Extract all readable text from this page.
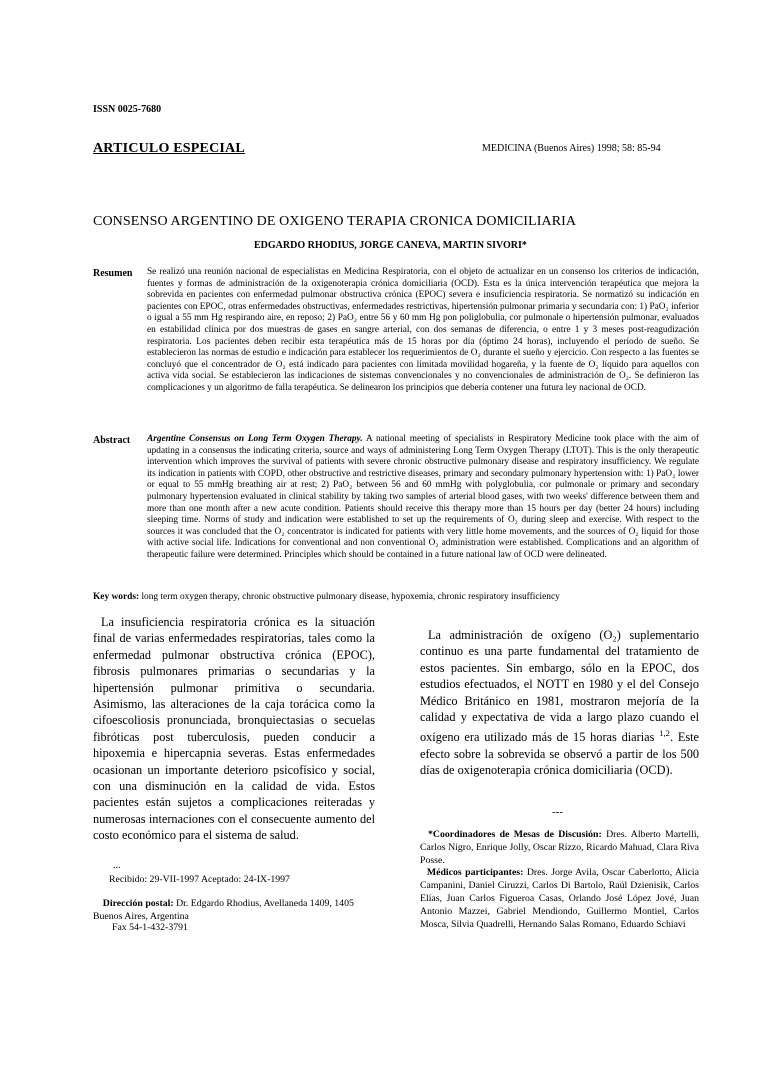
ISSN 0025-7680
ARTICULO ESPECIAL	MEDICINA (Buenos Aires) 1998; 58: 85-94
CONSENSO ARGENTINO DE OXIGENO TERAPIA CRONICA DOMICILIARIA
EDGARDO RHODIUS, JORGE CANEVA, MARTIN SIVORI*
Resumen Se realizó una reunión nacional de especialistas en Medicina Respiratoria, con el objeto de actualizar en un consenso los criterios de indicación, fuentes y formas de administración de la oxigenoterapia crónica domiciliaria (OCD). Esta es la única intervención terapéutica que mejora la sobrevida en pacientes con enfermedad pulmonar obstructiva crónica (EPOC) severa e insuficiencia respiratoria. Se normatizó su indicación en pacientes con EPOC, otras enfermedades obstructivas, enfermedades restrictivas, hipertensión pulmonar primaria y secundaria con: 1) PaO₂ inferior o igual a 55 mm Hg respirando aire, en reposo; 2) PaO₂ entre 56 y 60 mm Hg pon poliglobulia, cor pulmonale o hipertensión pulmonar, evaluados en estabilidad clínica por dos muestras de gases en sangre arterial, con dos semanas de diferencia, o entre 1 y 3 meses post-reagudización respiratoria. Los pacientes deben recibir esta terapéutica más de 15 horas por día (óptimo 24 horas), incluyendo el período de sueño. Se establecieron las normas de estudio e indicación para establecer los requerimientos de O₂ durante el sueño y ejercicio. Con respecto a las fuentes se concluyó que el concentrador de O₂ está indicado para pacientes con limitada movilidad hogareña, y la fuente de O₂ líquido para aquellos con activa vida social. Se establecieron las indicaciones de sistemas convencionales y no convencionales de administración de O₂. Se definieron las complicaciones y un algoritmo de falla terapéutica. Se delinearon los principios que debería contener una futura ley nacional de OCD.
Abstract Argentine Consensus on Long Term Oxygen Therapy. A national meeting of specialists in Respiratory Medicine took place with the aim of updating in a consensus the indicating criteria, source and ways of administering Long Term Oxygen Therapy (LTOT). This is the only therapeutic intervention which improves the survival of patients with severe chronic obstructive pulmonary disease and respiratory insufficiency. We regulate its indication in patients with COPD, other obstructive and restrictive diseases, primary and secondary pulmonary hypertension with: 1) PaO₂ lower or equal to 55 mmHg breathing air at rest; 2) PaO₂ between 56 and 60 mmHg with polyglobulia, cor pulmonale or primary and secondary pulmonary hypertension evaluated in clinical stability by taking two samples of arterial blood gases, with two weeks' difference between them and more than one month after a new acute condition. Patients should receive this therapy more than 15 hours per day (better 24 hours) including sleeping time. Norms of study and indication were established to set up the requirements of O₂ during sleep and exercise. With respect to the sources it was concluded that the O₂ concentrator is indicated for patients with very little home movements, and the sources of O₂ liquid for those with active social life. Indications for conventional and non conventional O₂ administration were established. Complications and an algorithm of therapeutic failure were determined. Principles which should be contained in a future national law of OCD were delineated.
Key words: long term oxygen therapy, chronic obstructive pulmonary disease, hypoxemia, chronic respiratory insufficiency
La insuficiencia respiratoria crónica es la situación final de varias enfermedades respiratorias, tales como la enfermedad pulmonar obstructiva crónica (EPOC), fibrosis pulmonares primarias o secundarias y la hipertensión pulmonar primitiva o secundaria. Asimismo, las alteraciones de la caja torácica como la cifoescoliosis pronunciada, bronquiectasias o secuelas fibróticas post tuberculosis, pueden conducir a hipoxemia e hipercapnia severas. Estas enfermedades ocasionan un importante deterioro psicofísico y social, con una disminución en la calidad de vida. Estos pacientes están sujetos a complicaciones reiteradas y numerosas internaciones con el consecuente aumento del costo económico para el sistema de salud.
La administración de oxígeno (O₂) suplementario continuo es una parte fundamental del tratamiento de estos pacientes. Sin embargo, sólo en la EPOC, dos estudios efectuados, el NOTT en 1980 y el del Consejo Médico Británico en 1981, mostraron mejoría de la calidad y expectativa de vida a largo plazo cuando el oxígeno era utilizado más de 15 horas diarias $^{1,2}$. Este efecto sobre la sobrevida se observó a partir de los 500 días de oxigenoterapia crónica domiciliaria (OCD).
---
...
Recibido: 29-VII-1997 Aceptado: 24-IX-1997
Dirección postal: Dr. Edgardo Rhodius, Avellaneda 1409, 1405 Buenos Aires, Argentina
Fax 54-1-432-3791
*Coordinadores de Mesas de Discusión: Dres. Alberto Martelli, Carlos Nigro, Enrique Jolly, Oscar Rizzo, Ricardo Mahuad, Clara Riva Posse.
Médicos participantes: Dres. Jorge Avila, Oscar Caberlotto, Alicia Campanini, Daniel Ciruzzi, Carlos Di Bartolo, Raúl Dzienisik, Carlos Elías, Juan Carlos Figueroa Casas, Orlando José López Jové, Juan Antonio Mazzei, Gabriel Mendiondo, Guillermo Montiel, Carlos Mosca, Silvia Quadrelli, Hernando Salas Romano, Eduardo Schiavi
